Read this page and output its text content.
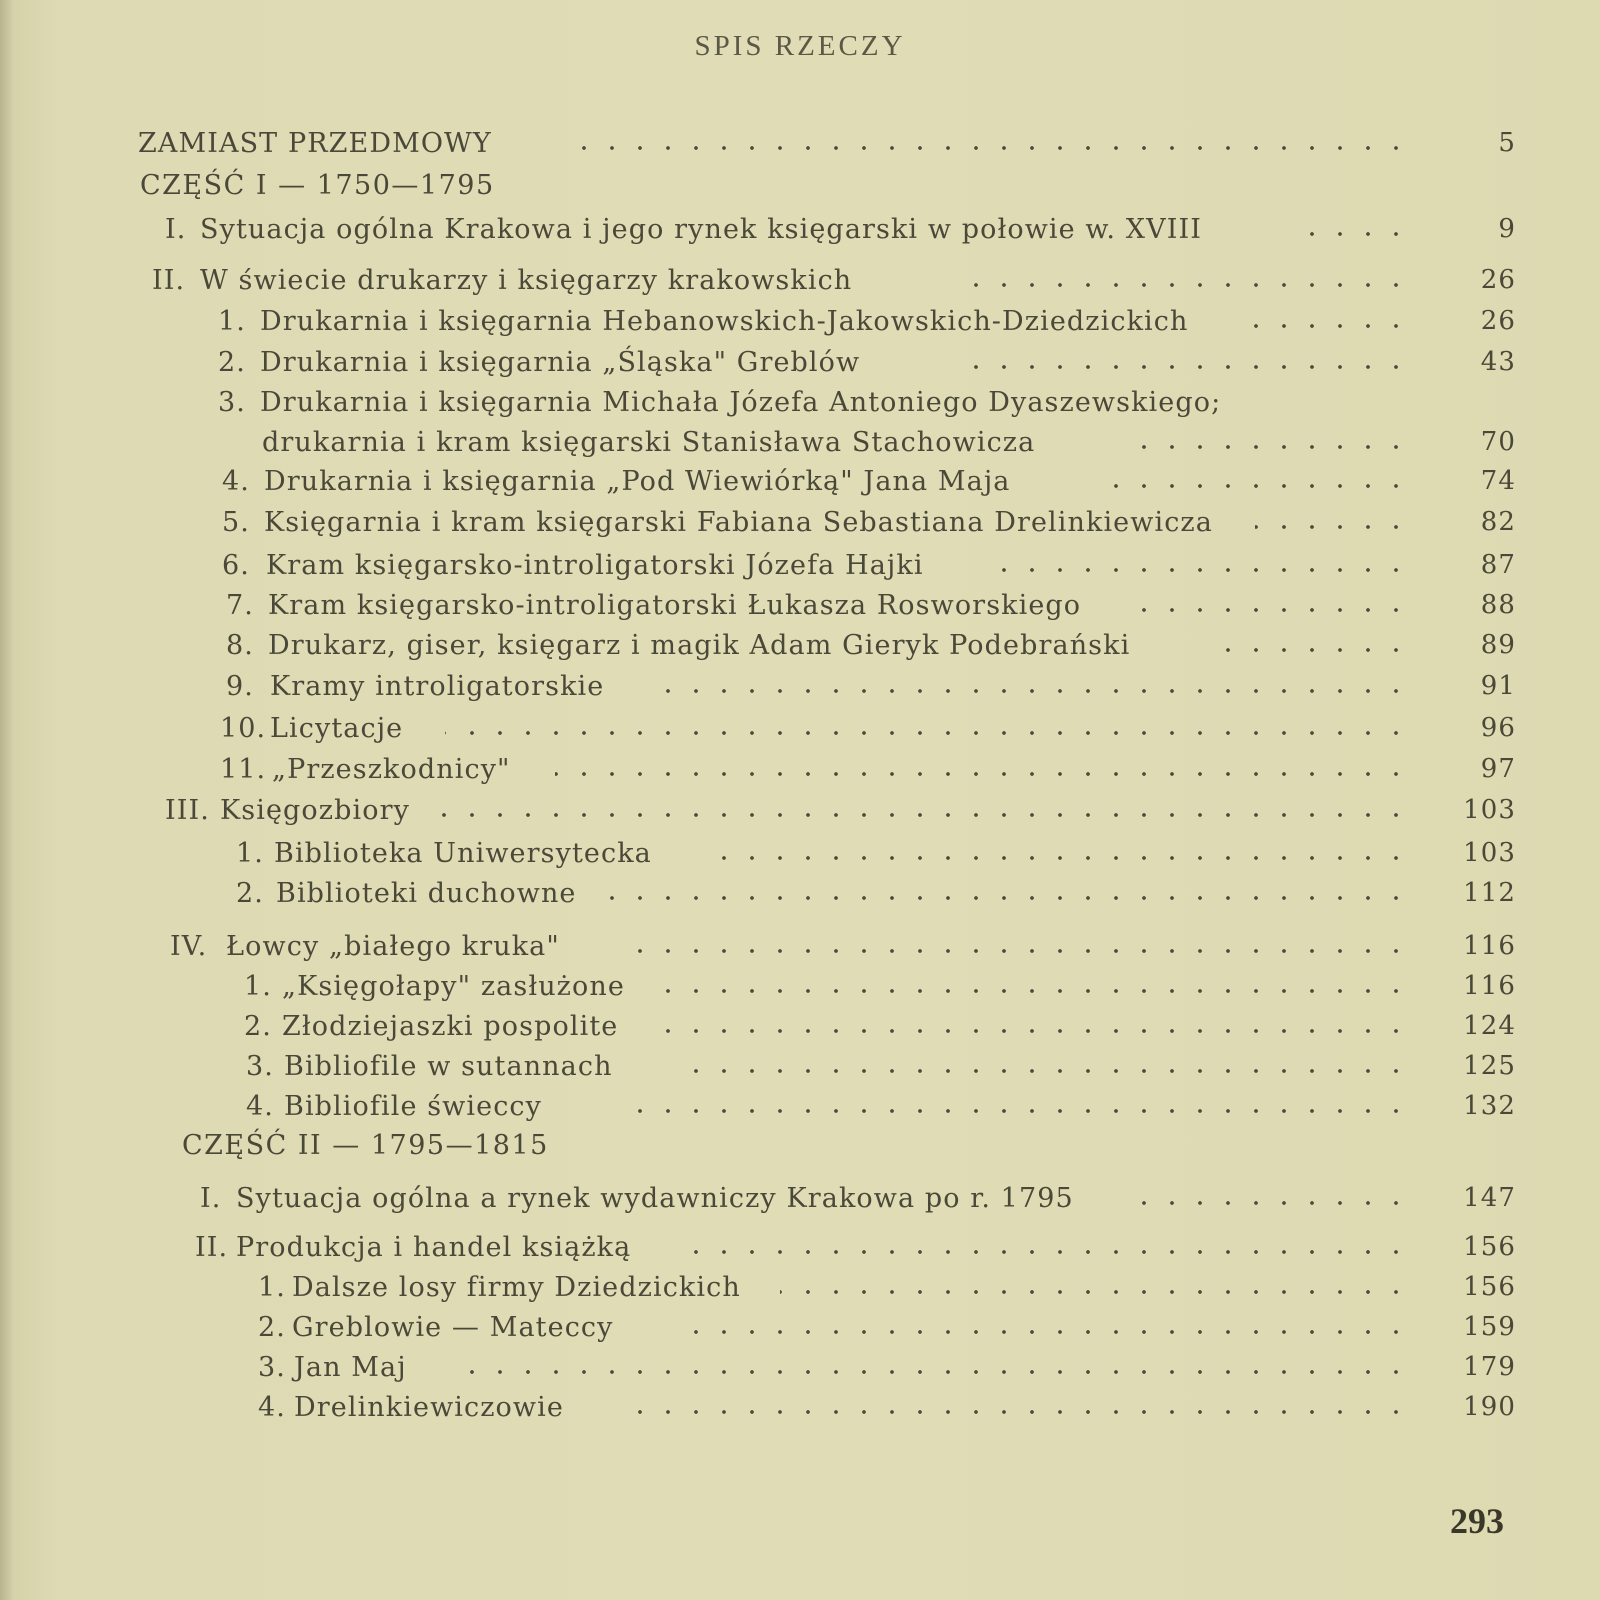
SPIS RZECZY
ZAMIAST PRZEDMOWY	5
CZĘŚĆ I — 1750—1795
I. Sytuacja ogólna Krakowa i jego rynek księgarski w połowie w. XVIII	9
II. W świecie drukarzy i księgarzy krakowskich	26
1. Drukarnia i księgarnia Hebanowskich-Jakowskich-Dziedzickich	26
2. Drukarnia i księgarnia „Śląska" Greblów	43
3. Drukarnia i księgarnia Michała Józefa Antoniego Dyaszewskiego;
drukarnia i kram księgarski Stanisława Stachowicza	70
4. Drukarnia i księgarnia „Pod Wiewiórką" Jana Maja	74
5. Księgarnia i kram księgarski Fabiana Sebastiana Drelinkiewicza	82
6. Kram księgarsko-introligatorski Józefa Hajki	87
7. Kram księgarsko-introligatorski Łukasza Rosworskiego	88
8. Drukarz, giser, księgarz i magik Adam Gieryk Podebrański	89
9. Kramy introligatorskie	91
10. Licytacje	96
11. „Przeszkodnicy"	97
III. Księgozbiory	103
1. Biblioteka Uniwersytecka	103
2. Biblioteki duchowne	112
IV. Łowcy „białego kruka"	116
1. „Księgołapy" zasłużone	116
2. Złodziejaszki pospolite	124
3. Bibliofile w sutannach	125
4. Bibliofile świeccy	132
CZĘŚĆ II — 1795—1815
I. Sytuacja ogólna a rynek wydawniczy Krakowa po r. 1795	147
II. Produkcja i handel książką	156
1. Dalsze losy firmy Dziedzickich	156
2. Greblowie — Mateccy	159
3. Jan Maj	179
4. Drelinkiewiczowie	190
293
